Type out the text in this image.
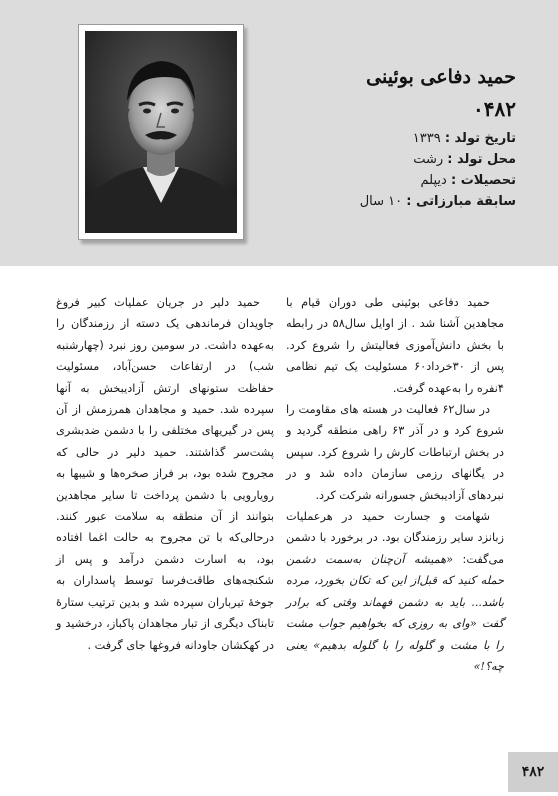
حمید دفاعی بوئینی
۰۴۸۲
تاریخ تولد : ۱۳۳۹
محل تولد : رشت
تحصیلات : دیپلم
سابقة مبارزاتی : ۱۰ سال

حمید دفاعی بوئینی طی دوران قیام با مجاهدین آشنا شد . از اوایل سال۵۸ در رابطه با بخش دانش‌آموزی فعالیتش را شروع کرد. پس از ۳۰خرداد۶۰ مسئولیت یک تیم نظامی ۴نفره را به‌عهده گرفت.

در سال۶۲ فعالیت در هسته های مقاومت را شروع کرد و در آذر ۶۳ راهی منطقه گردید و در بخش ارتباطات کارش را شروع کرد. سپس در یگانهای رزمی سازمان داده شد و در نبردهای آزادیبخش جسورانه شرکت کرد.

شهامت و جسارت حمید در هرعملیات زبانزد سایر رزمندگان بود. در برخورد با دشمن می‌گفت: «همیشه آن‌چنان به‌سمت دشمن حمله کنید که قبل‌از این که تکان بخورد، مرده باشد... باید به دشمن فهماند وقتی که برادر گفت «وای به روزی که بخواهیم جواب مشت را با مشت و گلوله را با گلوله بدهیم» یعنی چه؟!»

حمید دلیر در جریان عملیات کبیر فروغ جاویدان فرماندهی یک دسته از رزمندگان را به‌عهده داشت. در سومین روز نبرد (چهارشنبه شب) در ارتفاعات حسن‌آباد، مسئولیت حفاظت ستونهای ارتش آزادیبخش به آنها سپرده شد. حمید و مجاهدان همرزمش از آن پس در گیریهای مختلفی را با دشمن ضدبشری پشت‌سر گذاشتند. حمید دلیر در حالی که مجروح شده بود، بر فراز صخره‌ها و شیبها به رویارویی با دشمن پرداخت تا سایر مجاهدین بتوانند از آن منطقه به سلامت عبور کنند. درحالی‌که با تن مجروح به حالت اغما افتاده بود، به اسارت دشمن درآمد و پس از شکنجه‌های طاقت‌فرسا توسط پاسداران به جوخهٔ تیرباران سپرده شد و بدین ترتیب ستارهٔ تابناک دیگری از تبار مجاهدان پاکباز، درخشید و در کهکشان جاودانه فروغها جای گرفت .

۴۸۲
